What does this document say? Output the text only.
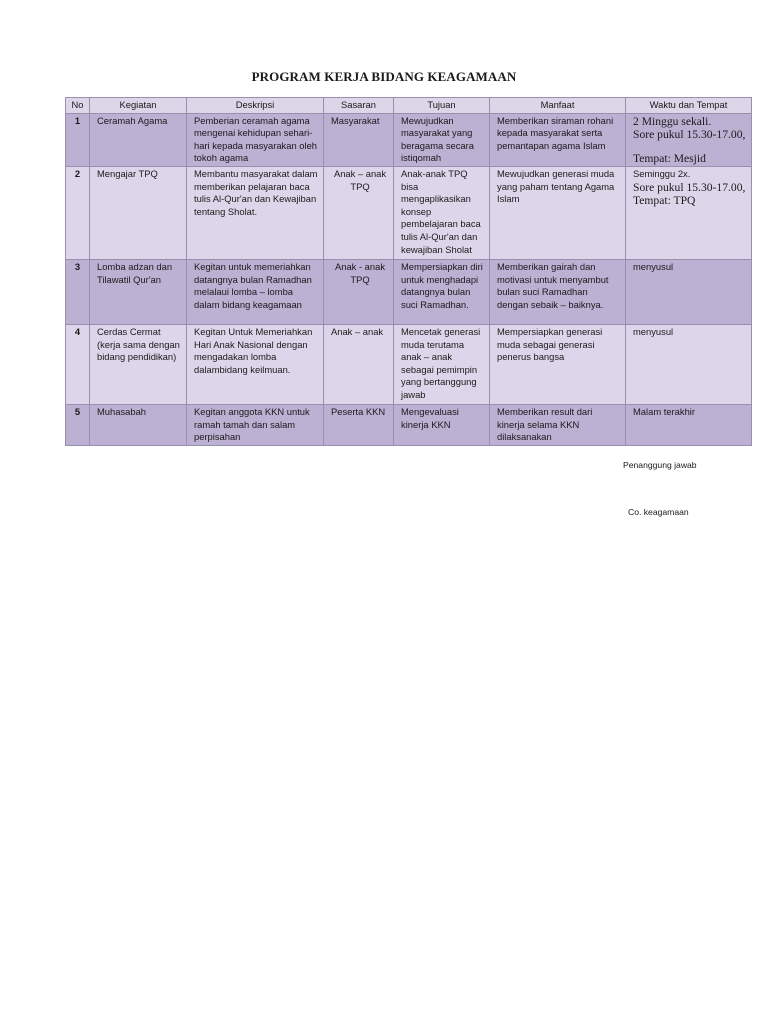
PROGRAM KERJA BIDANG KEAGAMAAN
No	Kegiatan	Deskripsi	Sasaran	Tujuan	Manfaat	Waktu dan Tempat
1	Ceramah Agama	Pemberian ceramah agama mengenai kehidupan sehari-hari kepada masyarakan oleh tokoh agama	Masyarakat	Mewujudkan masyarakat yang beragama secara istiqomah	Memberikan siraman rohani kepada masyarakat serta pemantapan agama Islam	2 Minggu sekali.
Sore pukul 15.30-17.00,
Tempat: Mesjid
2	Mengajar TPQ	Membantu masyarakat dalam memberikan pelajaran baca tulis Al-Qur'an dan Kewajiban tentang Sholat.	Anak – anak TPQ	Anak-anak TPQ bisa mengaplikasikan konsep pembelajaran baca tulis Al-Qur'an dan kewajiban Sholat	Mewujudkan generasi muda yang paham tentang Agama Islam	Seminggu 2x.
Sore pukul 15.30-17.00,
Tempat: TPQ
3	Lomba adzan dan Tilawatil Qur'an	Kegitan untuk memeriahkan datangnya bulan Ramadhan melalaui lomba – lomba dalam bidang keagamaan	Anak - anak TPQ	Mempersiapkan diri untuk menghadapi datangnya bulan suci Ramadhan.	Memberikan gairah dan motivasi untuk menyambut bulan suci Ramadhan dengan sebaik – baiknya.	menyusul
4	Cerdas Cermat (kerja sama dengan bidang pendidikan)	Kegitan Untuk Memeriahkan Hari Anak Nasional dengan mengadakan lomba dalambidang keilmuan.	Anak – anak	Mencetak generasi muda terutama anak – anak sebagai pemimpin yang bertanggung jawab	Mempersiapkan generasi muda sebagai generasi penerus bangsa	menyusul
5	Muhasabah	Kegitan anggota KKN untuk ramah tamah dan salam perpisahan	Peserta KKN	Mengevaluasi kinerja KKN	Memberikan result dari kinerja selama KKN dilaksanakan	Malam terakhir
Penanggung jawab
Co. keagamaan
